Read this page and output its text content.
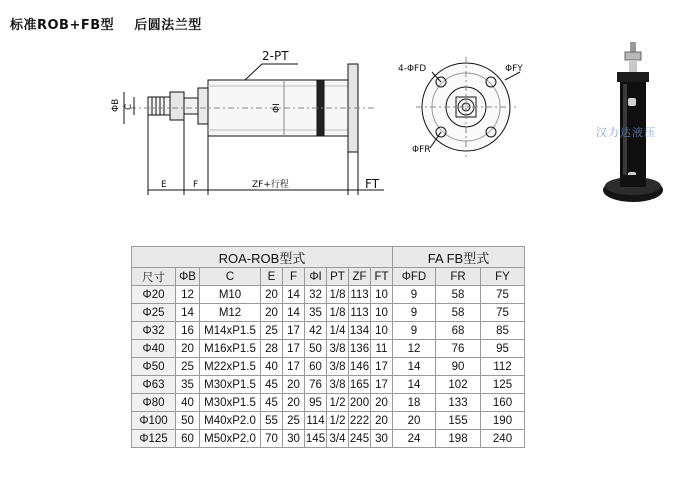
标准ROB+FB型    后圆法兰型
2-PT
ΦB C	ΦI
E	F	ZF+行程	FT
4-ΦFD	ΦFY
ΦFR
汉力达液压
ROA-ROB型式									FA FB型式		
尺寸	ΦB	C	E	F	ΦI	PT	ZF	FT	ΦFD	FR	FY
Φ20	12	M10	20	14	32	1/8	113	10	9	58	75
Φ25	14	M12	20	14	35	1/8	113	10	9	58	75
Φ32	16	M14xP1.5	25	17	42	1/4	134	10	9	68	85
Φ40	20	M16xP1.5	28	17	50	3/8	136	11	12	76	95
Φ50	25	M22xP1.5	40	17	60	3/8	146	17	14	90	112
Φ63	35	M30xP1.5	45	20	76	3/8	165	17	14	102	125
Φ80	40	M30xP1.5	45	20	95	1/2	200	20	18	133	160
Φ100	50	M40xP2.0	55	25	114	1/2	222	20	20	155	190
Φ125	60	M50xP2.0	70	30	145	3/4	245	30	24	198	240
